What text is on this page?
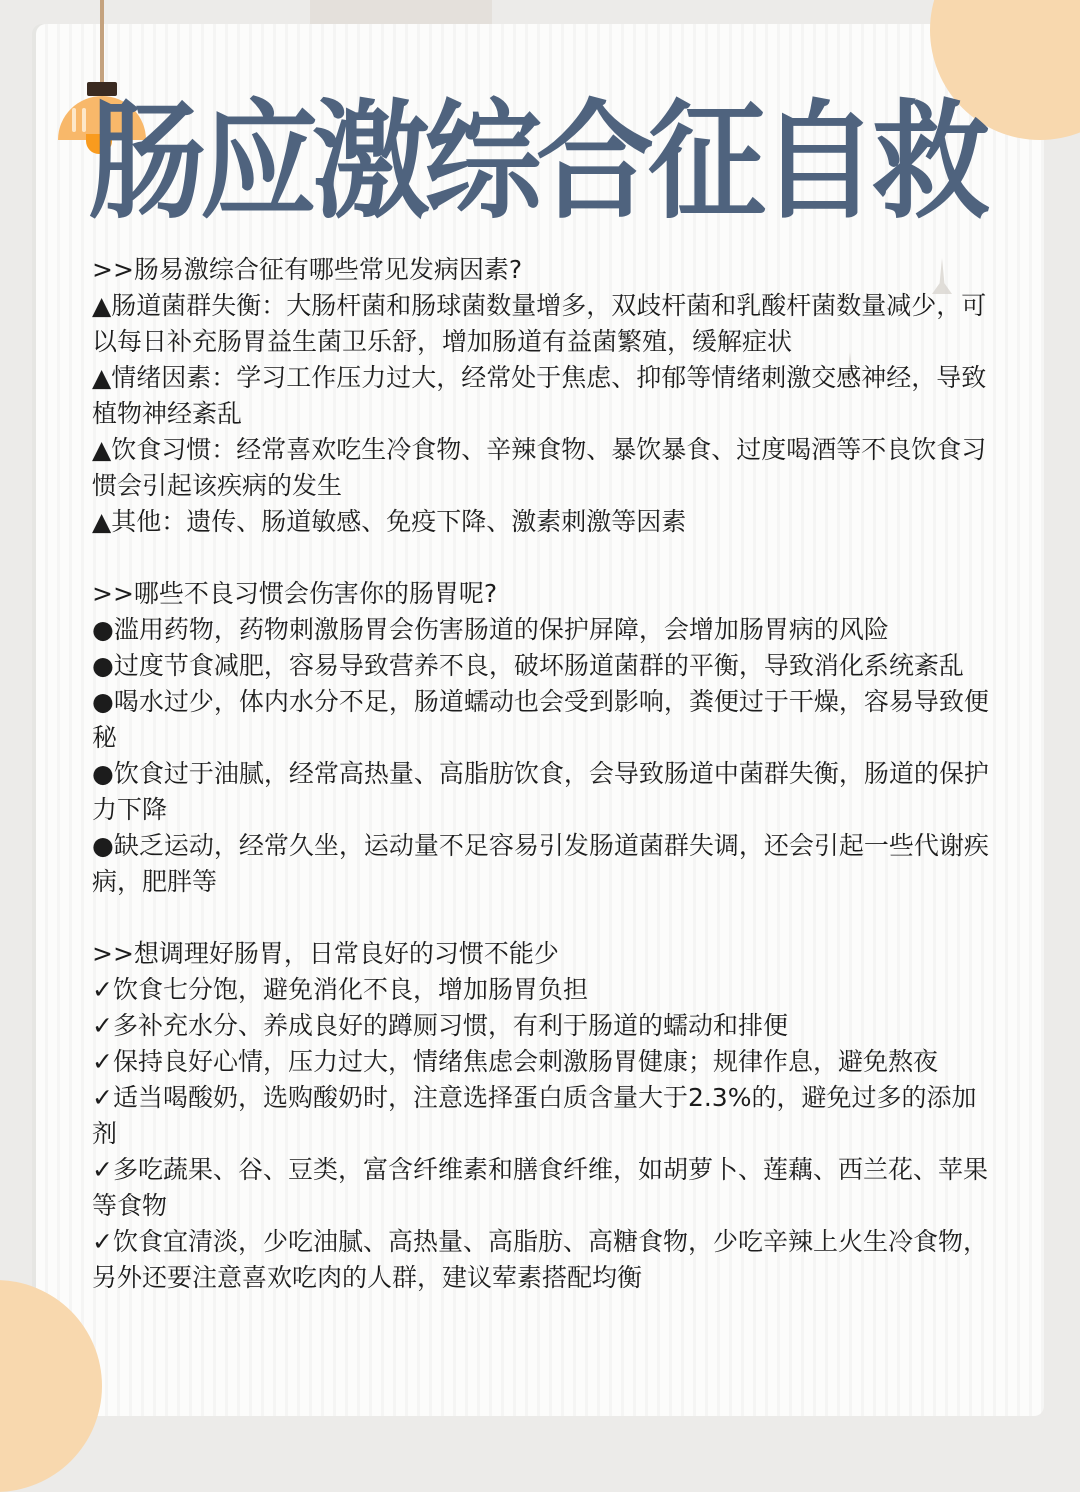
肠应激综合征自救
>>肠易激综合征有哪些常见发病因素?
▲肠道菌群失衡：大肠杆菌和肠球菌数量增多，双歧杆菌和乳酸杆菌数量减少，可以每日补充肠胃益生菌卫乐舒，增加肠道有益菌繁殖，缓解症状
▲情绪因素：学习工作压力过大，经常处于焦虑、抑郁等情绪刺激交感神经，导致植物神经紊乱
▲饮食习惯：经常喜欢吃生冷食物、辛辣食物、暴饮暴食、过度喝酒等不良饮食习惯会引起该疾病的发生
▲其他：遗传、肠道敏感、免疫下降、激素刺激等因素
>>哪些不良习惯会伤害你的肠胃呢?
●滥用药物，药物刺激肠胃会伤害肠道的保护屏障，会增加肠胃病的风险
●过度节食减肥，容易导致营养不良，破坏肠道菌群的平衡，导致消化系统紊乱
●喝水过少，体内水分不足，肠道蠕动也会受到影响，粪便过于干燥，容易导致便秘
●饮食过于油腻，经常高热量、高脂肪饮食，会导致肠道中菌群失衡，肠道的保护力下降
●缺乏运动，经常久坐，运动量不足容易引发肠道菌群失调，还会引起一些代谢疾病，肥胖等
>>想调理好肠胃，日常良好的习惯不能少
✓饮食七分饱，避免消化不良，增加肠胃负担
✓多补充水分、养成良好的蹲厕习惯，有利于肠道的蠕动和排便
✓保持良好心情，压力过大，情绪焦虑会刺激肠胃健康；规律作息，避免熬夜
✓适当喝酸奶，选购酸奶时，注意选择蛋白质含量大于2.3%的，避免过多的添加剂
✓多吃蔬果、谷、豆类，富含纤维素和膳食纤维，如胡萝卜、莲藕、西兰花、苹果等食物
✓饮食宜清淡，少吃油腻、高热量、高脂肪、高糖食物，少吃辛辣上火生冷食物，另外还要注意喜欢吃肉的人群，建议荤素搭配均衡
